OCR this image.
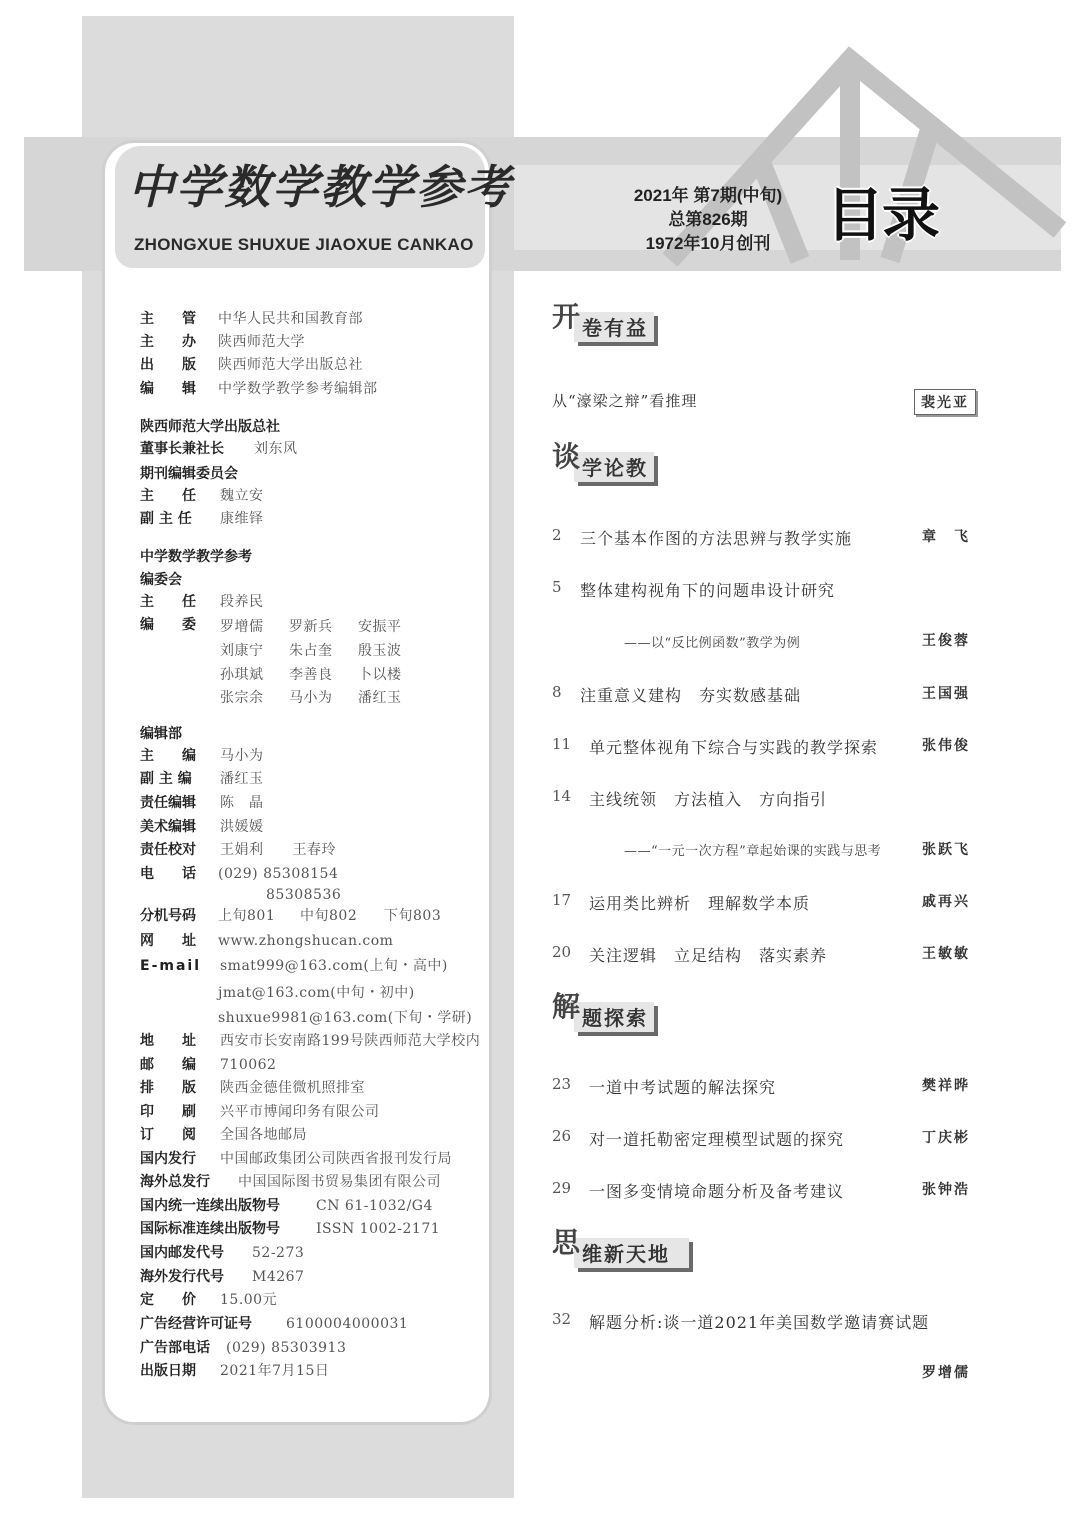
中学数学教学参考
ZHONGXUE SHUXUE JIAOXUE CANKAO
2021年 第7期(中旬)
总第826期
1972年10月创刊 目录
主　　管 中华人民共和国教育部
主　　办 陕西师范大学
出　　版 陕西师范大学出版总社
编　　辑 中学数学教学参考编辑部
陕西师范大学出版总社
董事长兼社长 刘东风
期刊编辑委员会
主　　任 魏立安
副 主 任 康维铎
中学数学教学参考
编委会
主　　任 段养民
编　　委 罗增儒 罗新兵 安振平
刘康宁 朱占奎 殷玉波
孙琪斌 李善良 卜以楼
张宗余 马小为 潘红玉
编辑部
主　　编 马小为
副 主 编 潘红玉
责任编辑 陈　晶
美术编辑 洪媛媛
责任校对 王娟利　　王春玲
电　　话 (029) 85308154
85308536
分机号码 上旬801 中旬802 下旬803
网　　址 www.zhongshucan.com
E-mail smat999@163.com(上旬・高中)
jmat@163.com(中旬・初中)
shuxue9981@163.com(下旬・学研)
地　　址 西安市长安南路199号陕西师范大学校内
邮　　编 710062
排　　版 陕西金德佳微机照排室
印　　刷 兴平市博闻印务有限公司
订　　阅 全国各地邮局
国内发行 中国邮政集团公司陕西省报刊发行局
海外总发行 中国国际图书贸易集团有限公司
国内统一连续出版物号	CN 61-1032/G4
国际标准连续出版物号	ISSN 1002-2171
国内邮发代号 52-273
海外发行代号 M4267
定　　价 15.00元
广告经营许可证号 6100004000031
广告部电话 (029) 85303913
出版日期 2021年7月15日
开 卷有益
谈 学论教
解 题探索
思 维新天地
从“濠梁之辩”看推理	裴光亚
2 三个基本作图的方法思辨与教学实施	章　飞
5 整体建构视角下的问题串设计研究
——以“反比例函数”教学为例	王俊蓉
8 注重意义建构　夯实数感基础	王国强
11 单元整体视角下综合与实践的教学探索	张伟俊
14 主线统领　方法植入　方向指引
——“一元一次方程”章起始课的实践与思考	张跃飞
17 运用类比辨析　理解数学本质	戚再兴
20 关注逻辑　立足结构　落实素养	王敏敏
23 一道中考试题的解法探究	樊祥晔
26 对一道托勒密定理模型试题的探究	丁庆彬
29 一图多变情境命题分析及备考建议	张钟浩
32 解题分析:谈一道2021年美国数学邀请赛试题
罗增儒
